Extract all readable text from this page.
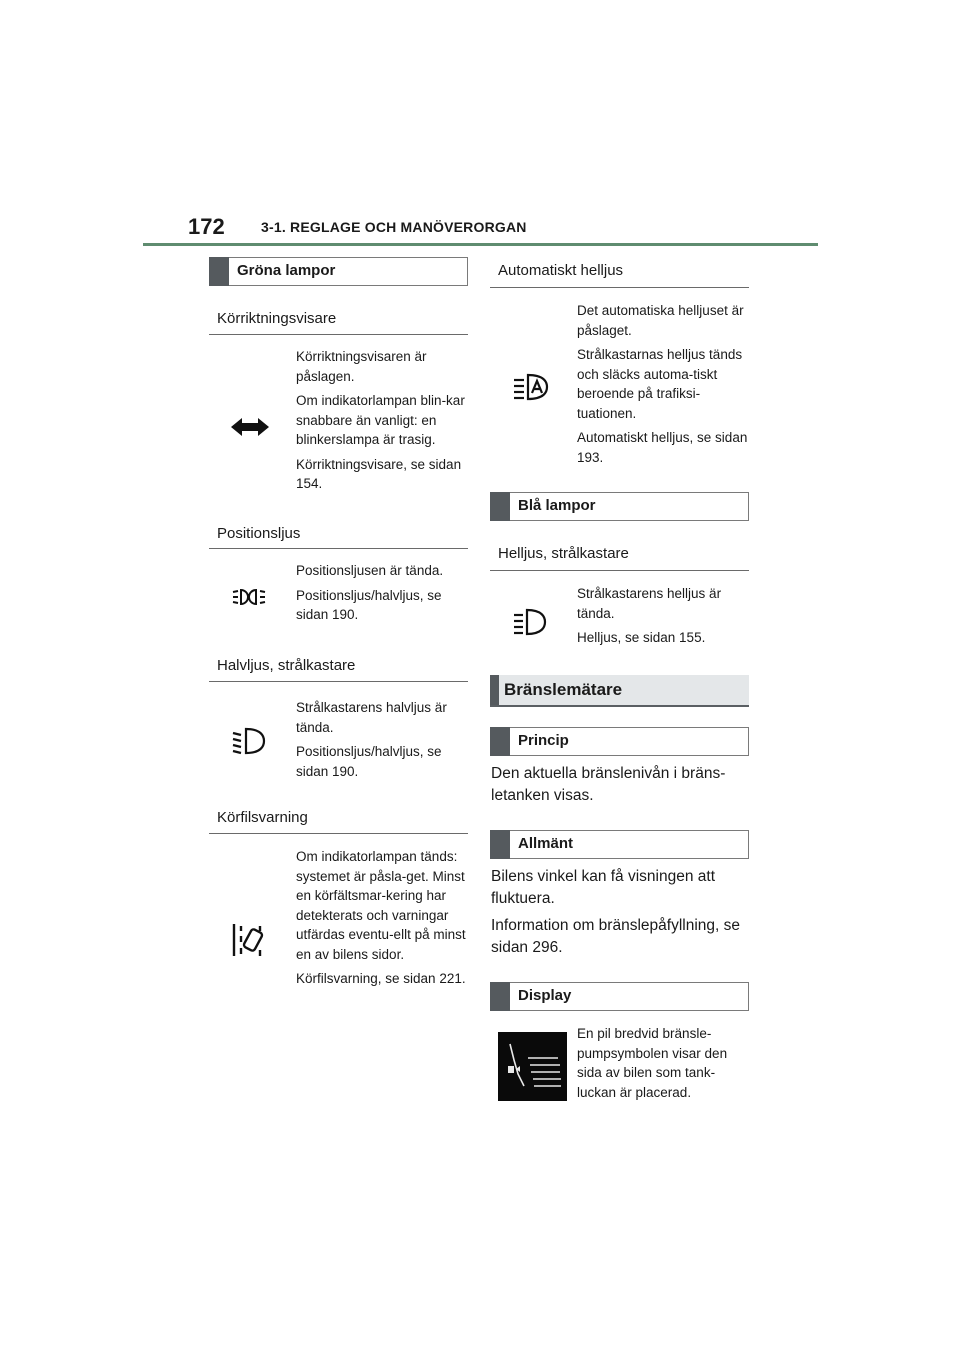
172	3-1. REGLAGE OCH MANÖVERORGAN
Gröna lampor
Körriktningsvisare

Körriktningsvisaren är påslagen.

Om indikatorlampan blin-kar snabbare än vanligt: en blinkerslampa är trasig.

Körriktningsvisare, se sidan 154.

Positionsljus

Positionsljusen är tända.

Positionsljus/halvljus, se sidan 190.

Halvljus, strålkastare

Strålkastarens halvljus är tända.

Positionsljus/halvljus, se sidan 190.

Körfilsvarning

Om indikatorlampan tänds: systemet är påsla-get. Minst en körfältsmar-kering har detekterats och varningar utfärdas eventu-ellt på minst en av bilens sidor.

Körfilsvarning, se sidan 221.

Automatiskt helljus

Det automatiska helljuset är påslaget.

Strålkastarnas helljus tänds och släcks automa-tiskt beroende på trafiksi-tuationen.

Automatiskt helljus, se sidan 193.

Blå lampor
Helljus, strålkastare

Strålkastarens helljus är tända.

Helljus, se sidan 155.

Bränslemätare
Princip

Den aktuella bränslenivån i bräns-letanken visas.

Allmänt

Bilens vinkel kan få visningen att fluktuera.

Information om bränslepåfyllning, se sidan 296.

Display

En pil bredvid bränsle-pumpsymbolen visar den sida av bilen som tank-luckan är placerad.
